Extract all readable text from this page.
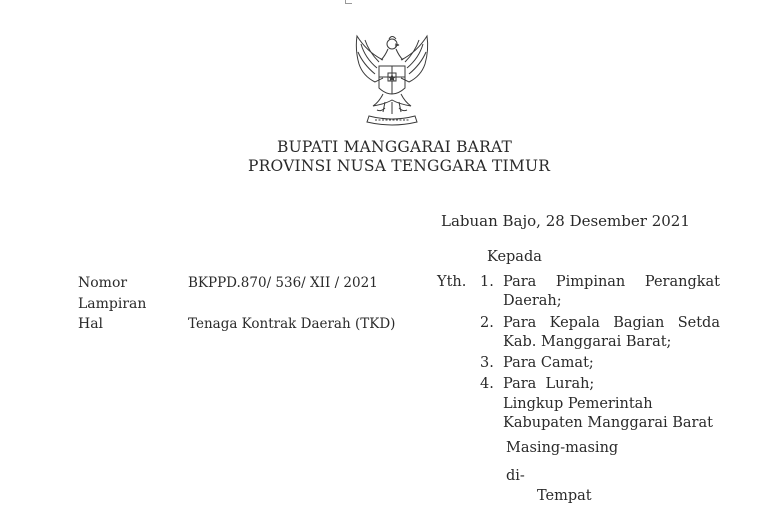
BUPATI MANGGARAI BARAT
PROVINSI NUSA TENGGARA TIMUR
Labuan Bajo, 28 Desember 2021
Kepada
Nomor
Lampiran
Hal
BKPPD.870/ 536/ XII / 2021
Tenaga Kontrak Daerah (TKD)
Yth. 1. Para Pimpinan Perangkat
Daerah;
2. Para Kepala Bagian Setda
Kab. Manggarai Barat;
3. Para Camat;
4. Para  Lurah;
Lingkup Pemerintah
Kabupaten Manggarai Barat
Masing-masing
di-
Tempat
